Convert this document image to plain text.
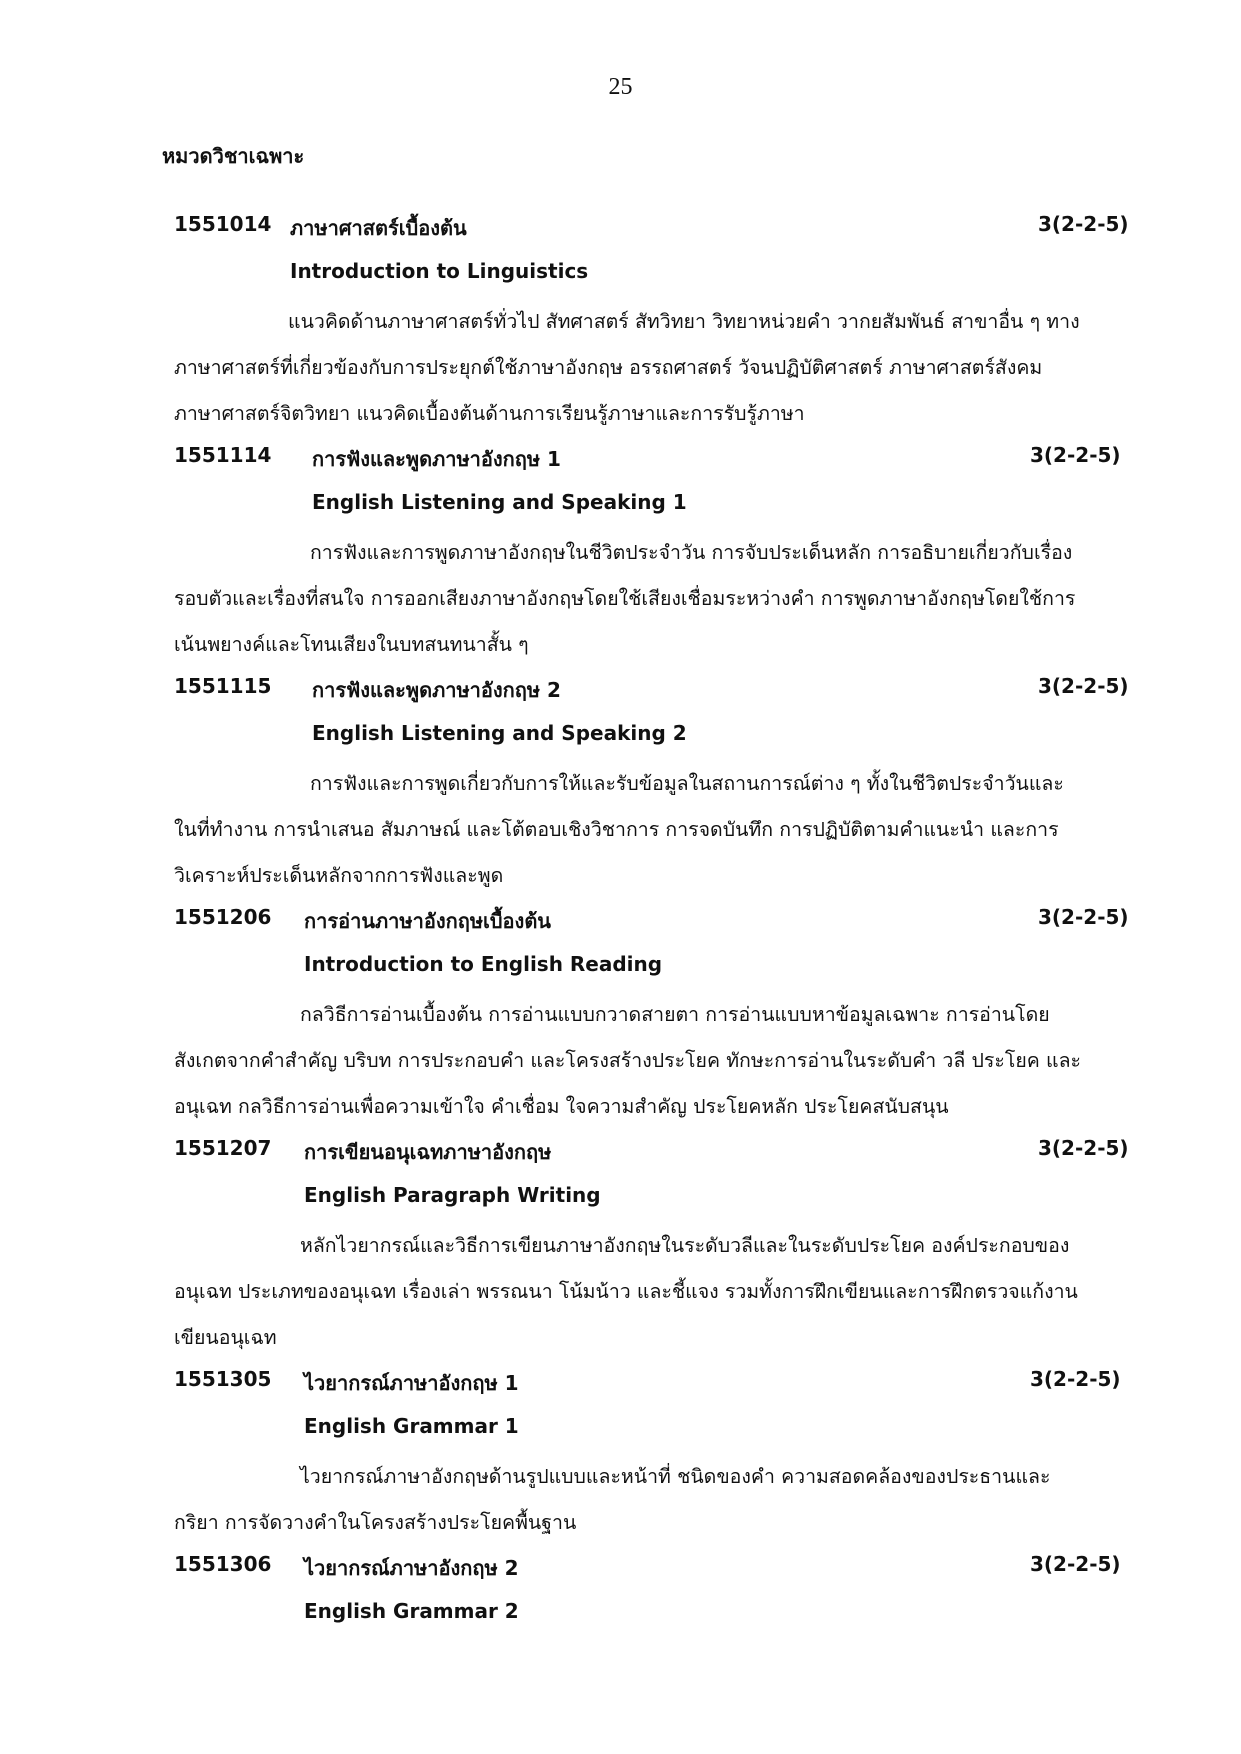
25
หมวดวิชาเฉพาะ
1551014 ภาษาศาสตร์เบื้องต้น	3(2-2-5)
Introduction to Linguistics
แนวคิดด้านภาษาศาสตร์ทั่วไป สัทศาสตร์ สัทวิทยา วิทยาหน่วยคำ วากยสัมพันธ์ สาขาอื่น ๆ ทาง
ภาษาศาสตร์ที่เกี่ยวข้องกับการประยุกต์ใช้ภาษาอังกฤษ อรรถศาสตร์ วัจนปฏิบัติศาสตร์ ภาษาศาสตร์สังคม
ภาษาศาสตร์จิตวิทยา แนวคิดเบื้องต้นด้านการเรียนรู้ภาษาและการรับรู้ภาษา
1551114 การฟังและพูดภาษาอังกฤษ 1	3(2-2-5)
English Listening and Speaking 1
การฟังและการพูดภาษาอังกฤษในชีวิตประจำวัน การจับประเด็นหลัก การอธิบายเกี่ยวกับเรื่อง
รอบตัวและเรื่องที่สนใจ การออกเสียงภาษาอังกฤษโดยใช้เสียงเชื่อมระหว่างคำ การพูดภาษาอังกฤษโดยใช้การ
เน้นพยางค์และโทนเสียงในบทสนทนาสั้น ๆ
1551115 การฟังและพูดภาษาอังกฤษ 2	3(2-2-5)
English Listening and Speaking 2
การฟังและการพูดเกี่ยวกับการให้และรับข้อมูลในสถานการณ์ต่าง ๆ ทั้งในชีวิตประจำวันและ
ในที่ทำงาน การนำเสนอ สัมภาษณ์ และโต้ตอบเชิงวิชาการ การจดบันทึก การปฏิบัติตามคำแนะนำ และการ
วิเคราะห์ประเด็นหลักจากการฟังและพูด
1551206 การอ่านภาษาอังกฤษเบื้องต้น	3(2-2-5)
Introduction to English Reading
กลวิธีการอ่านเบื้องต้น การอ่านแบบกวาดสายตา การอ่านแบบหาข้อมูลเฉพาะ การอ่านโดย
สังเกตจากคำสำคัญ บริบท การประกอบคำ และโครงสร้างประโยค ทักษะการอ่านในระดับคำ วลี ประโยค และ
อนุเฉท กลวิธีการอ่านเพื่อความเข้าใจ คำเชื่อม ใจความสำคัญ ประโยคหลัก ประโยคสนับสนุน
1551207 การเขียนอนุเฉทภาษาอังกฤษ	3(2-2-5)
English Paragraph Writing
หลักไวยากรณ์และวิธีการเขียนภาษาอังกฤษในระดับวลีและในระดับประโยค องค์ประกอบของ
อนุเฉท ประเภทของอนุเฉท เรื่องเล่า พรรณนา โน้มน้าว และชี้แจง รวมทั้งการฝึกเขียนและการฝึกตรวจแก้งาน
เขียนอนุเฉท
1551305 ไวยากรณ์ภาษาอังกฤษ 1	3(2-2-5)
English Grammar 1
ไวยากรณ์ภาษาอังกฤษด้านรูปแบบและหน้าที่ ชนิดของคำ ความสอดคล้องของประธานและ
กริยา การจัดวางคำในโครงสร้างประโยคพื้นฐาน
1551306 ไวยากรณ์ภาษาอังกฤษ 2	3(2-2-5)
English Grammar 2
